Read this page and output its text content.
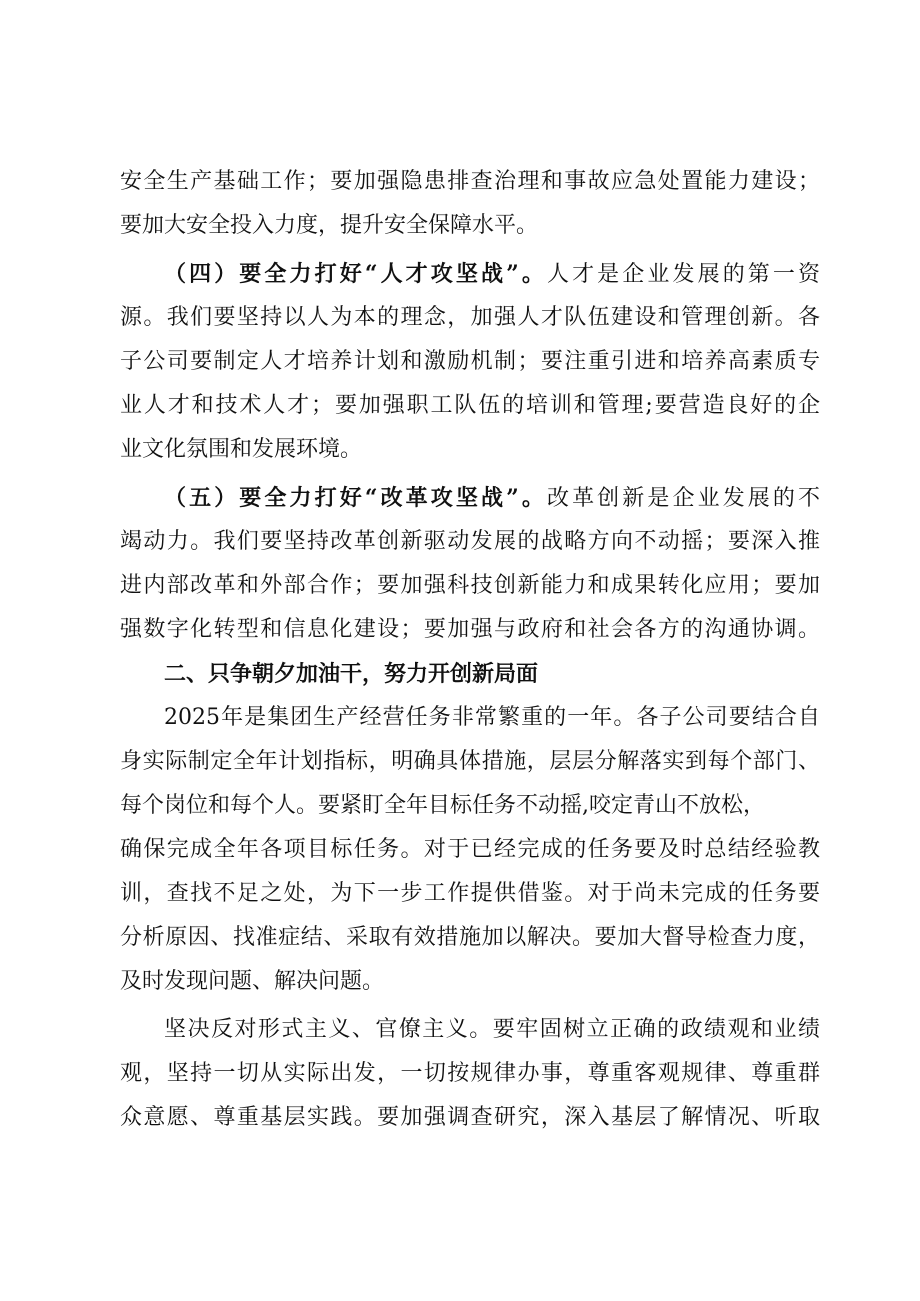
安全生产基础工作；要加强隐患排查治理和事故应急处置能力建设；
要加大安全投入力度，提升安全保障水平。
（四）要全力打好“人才攻坚战”。人才是企业发展的第一资
源。我们要坚持以人为本的理念，加强人才队伍建设和管理创新。各
子公司要制定人才培养计划和激励机制；要注重引进和培养高素质专
业人才和技术人才；要加强职工队伍的培训和管理;要营造良好的企
业文化氛围和发展环境。
（五）要全力打好“改革攻坚战”。改革创新是企业发展的不
竭动力。我们要坚持改革创新驱动发展的战略方向不动摇；要深入推
进内部改革和外部合作；要加强科技创新能力和成果转化应用；要加
强数字化转型和信息化建设；要加强与政府和社会各方的沟通协调。
二、只争朝夕加油干，努力开创新局面
2025年是集团生产经营任务非常繁重的一年。各子公司要结合自
身实际制定全年计划指标，明确具体措施，层层分解落实到每个部门、
每个岗位和每个人。要紧盯全年目标任务不动摇,咬定青山不放松，
确保完成全年各项目标任务。对于已经完成的任务要及时总结经验教
训，查找不足之处，为下一步工作提供借鉴。对于尚未完成的任务要
分析原因、找准症结、采取有效措施加以解决。要加大督导检查力度，
及时发现问题、解决问题。
坚决反对形式主义、官僚主义。要牢固树立正确的政绩观和业绩
观，坚持一切从实际出发，一切按规律办事，尊重客观规律、尊重群
众意愿、尊重基层实践。要加强调查研究，深入基层了解情况、听取
